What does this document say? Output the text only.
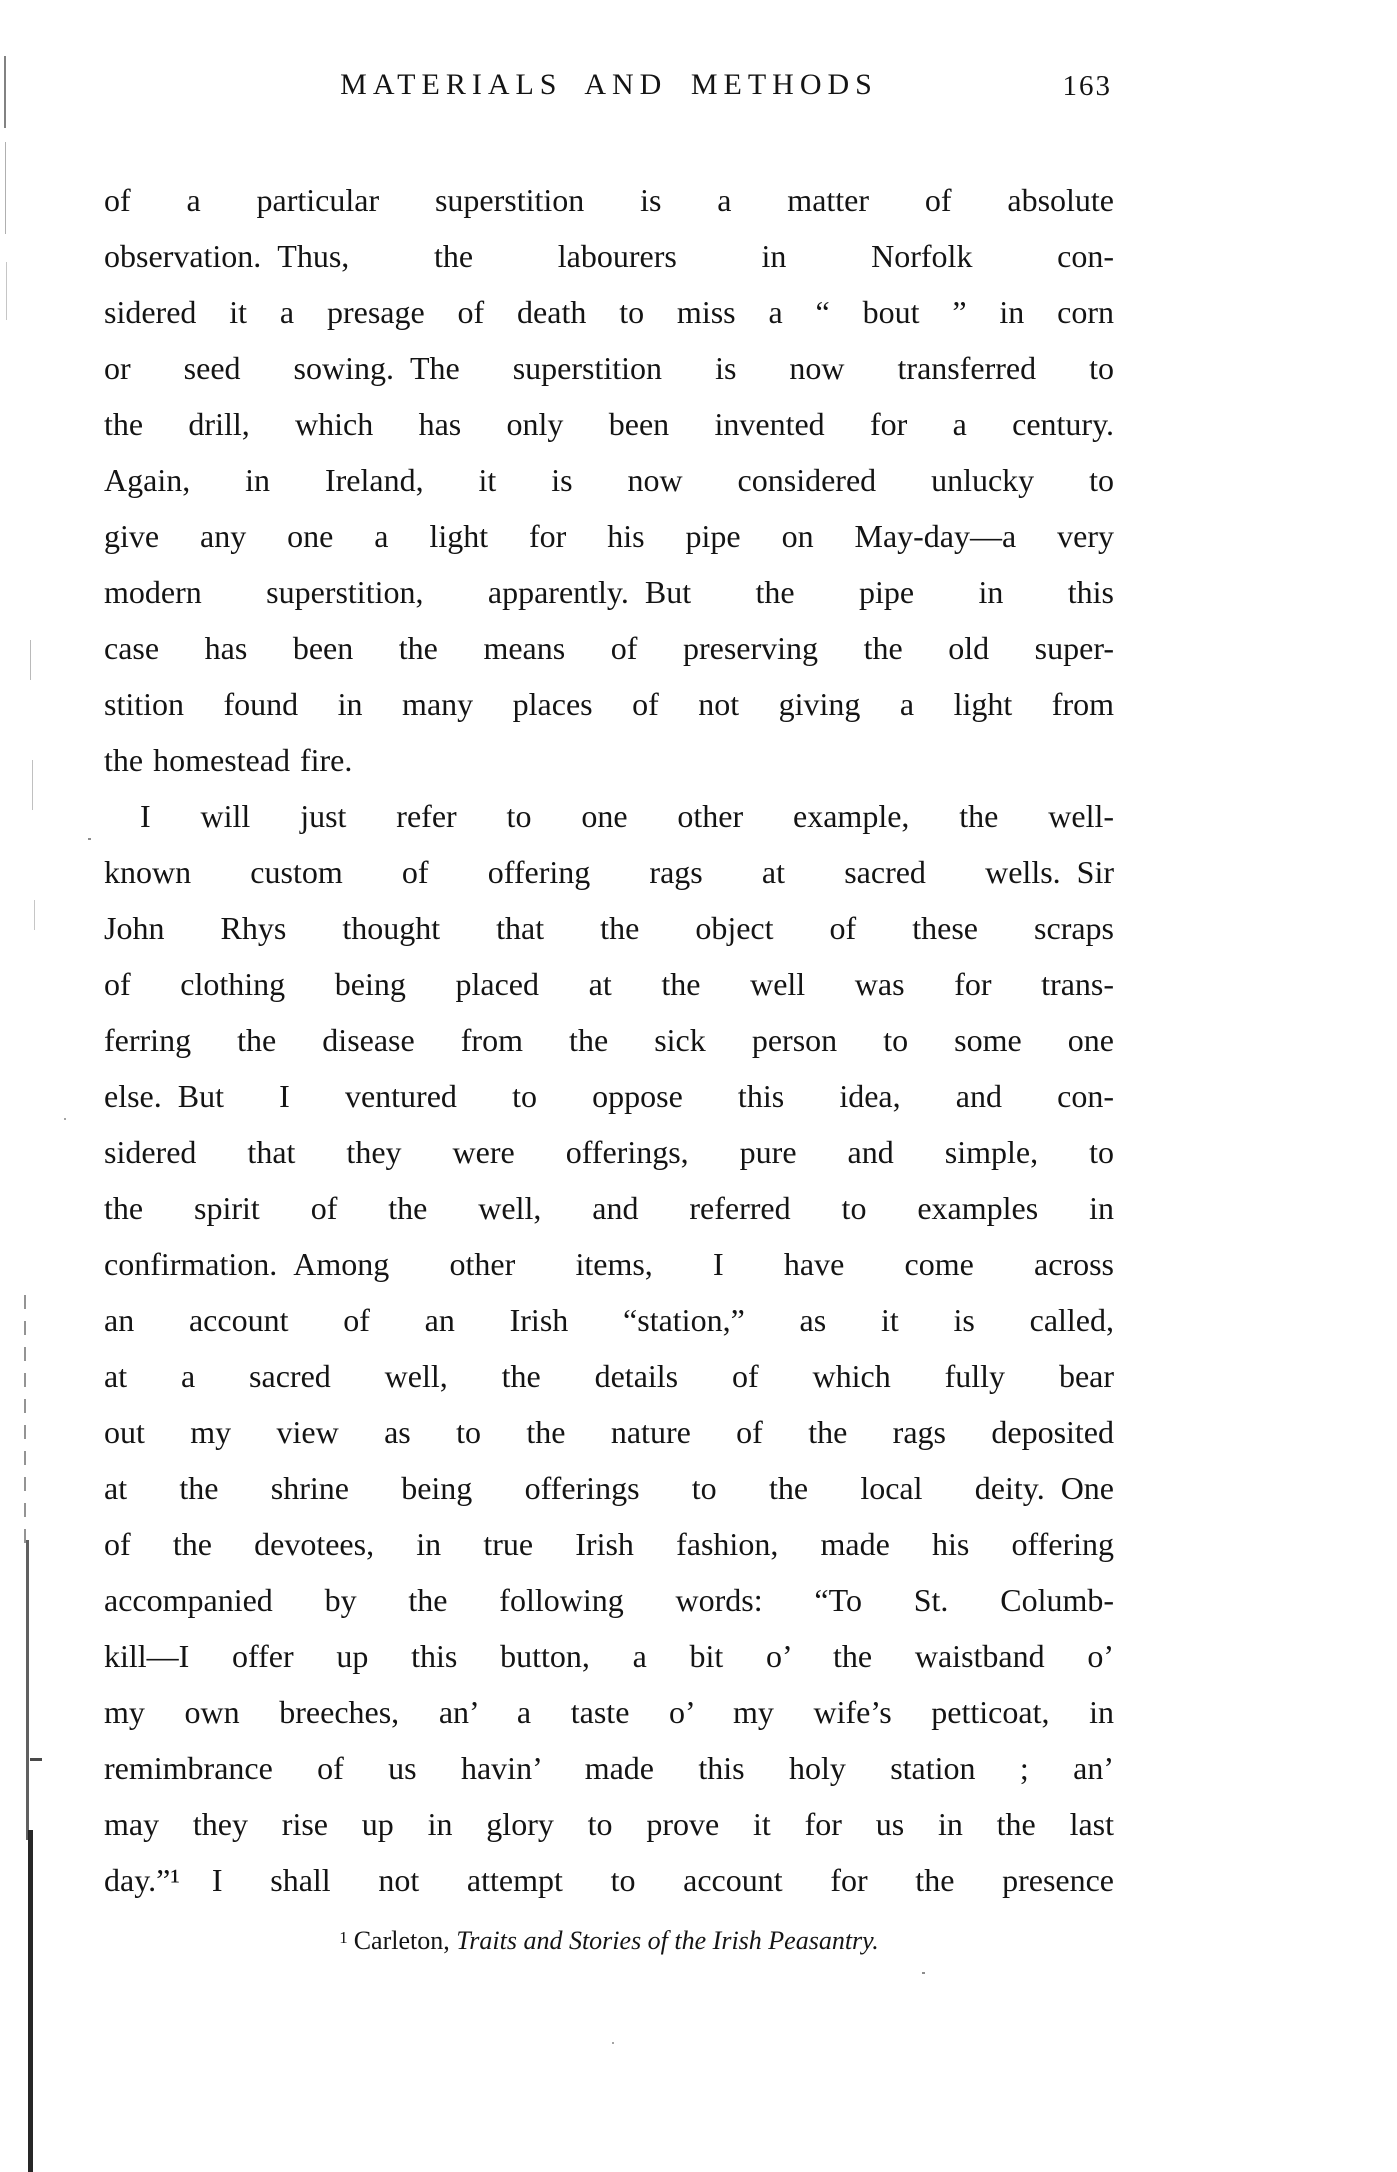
MATERIALS AND METHODS	163
of a particular superstition is a matter of absolute
observation. Thus, the labourers in Norfolk con-
sidered it a presage of death to miss a “ bout ” in corn
or seed sowing. The superstition is now transferred to
the drill, which has only been invented for a century.
Again, in Ireland, it is now considered unlucky to
give any one a light for his pipe on May-day—a very
modern superstition, apparently. But the pipe in this
case has been the means of preserving the old super-
stition found in many places of not giving a light from
the homestead fire.
I will just refer to one other example, the well-
known custom of offering rags at sacred wells. Sir
John Rhys thought that the object of these scraps
of clothing being placed at the well was for trans-
ferring the disease from the sick person to some one
else. But I ventured to oppose this idea, and con-
sidered that they were offerings, pure and simple, to
the spirit of the well, and referred to examples in
confirmation. Among other items, I have come across
an account of an Irish “station,” as it is called,
at a sacred well, the details of which fully bear
out my view as to the nature of the rags deposited
at the shrine being offerings to the local deity. One
of the devotees, in true Irish fashion, made his offering
accompanied by the following words: “To St. Columb-
kill—I offer up this button, a bit o’ the waistband o’
my own breeches, an’ a taste o’ my wife’s petticoat, in
remimbrance of us havin’ made this holy station ; an’
may they rise up in glory to prove it for us in the last
day.”¹ I shall not attempt to account for the presence
$^1$ Carleton, Traits and Stories of the Irish Peasantry.
